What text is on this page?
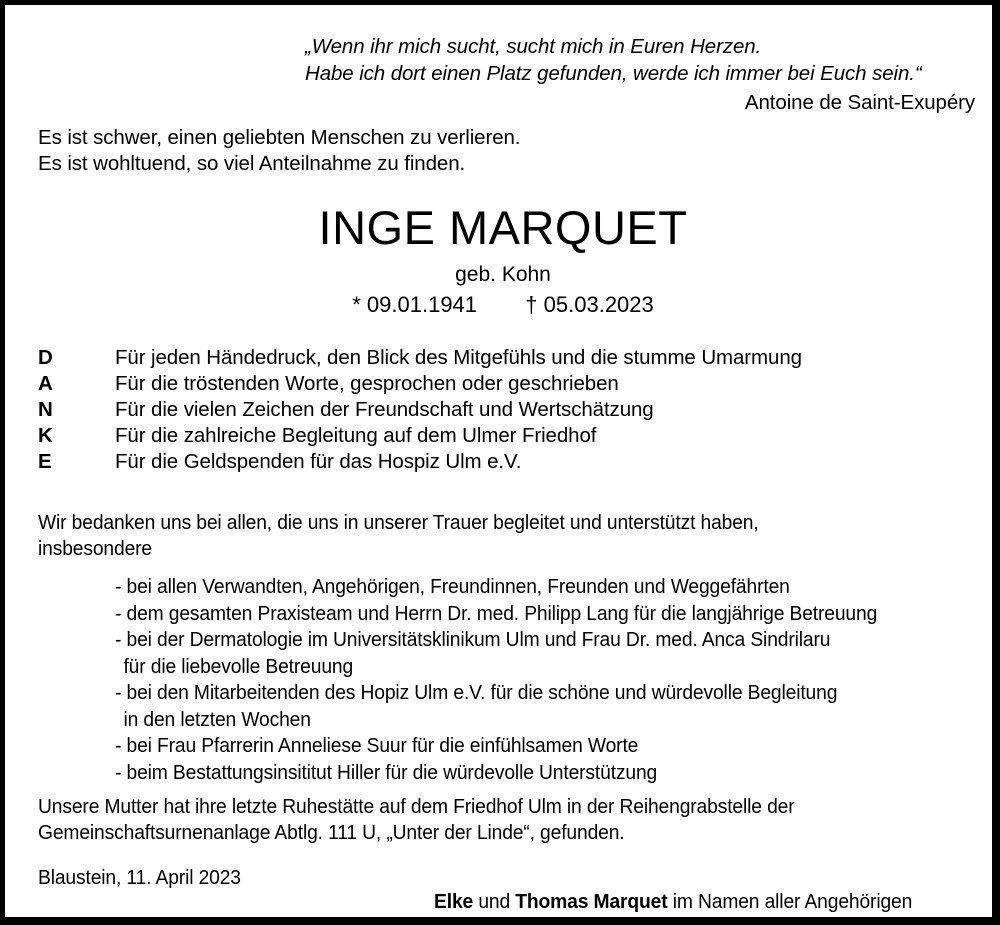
„Wenn ihr mich sucht, sucht mich in Euren Herzen.
Habe ich dort einen Platz gefunden, werde ich immer bei Euch sein.“
Antoine de Saint-Exupéry
Es ist schwer, einen geliebten Menschen zu verlieren.
Es ist wohltuend, so viel Anteilnahme zu finden.
INGE MARQUET
geb. Kohn
* 09.01.1941 † 05.03.2023
D	Für jeden Händedruck, den Blick des Mitgefühls und die stumme Umarmung
A	Für die tröstenden Worte, gesprochen oder geschrieben
N	Für die vielen Zeichen der Freundschaft und Wertschätzung
K	Für die zahlreiche Begleitung auf dem Ulmer Friedhof
E	Für die Geldspenden für das Hospiz Ulm e.V.
Wir bedanken uns bei allen, die uns in unserer Trauer begleitet und unterstützt haben,
insbesondere
- bei allen Verwandten, Angehörigen, Freundinnen, Freunden und Weggefährten
- dem gesamten Praxisteam und Herrn Dr. med. Philipp Lang für die langjährige Betreuung
- bei der Dermatologie im Universitätsklinikum Ulm und Frau Dr. med. Anca Sindrilaru
für die liebevolle Betreuung
- bei den Mitarbeitenden des Hopiz Ulm e.V. für die schöne und würdevolle Begleitung
in den letzten Wochen
- bei Frau Pfarrerin Anneliese Suur für die einfühlsamen Worte
- beim Bestattungsinsititut Hiller für die würdevolle Unterstützung
Unsere Mutter hat ihre letzte Ruhestätte auf dem Friedhof Ulm in der Reihengrabstelle der
Gemeinschaftsurnenanlage Abtlg. 111 U, „Unter der Linde“, gefunden.
Blaustein, 11. April 2023

Elke und Thomas Marquet im Namen aller Angehörigen
